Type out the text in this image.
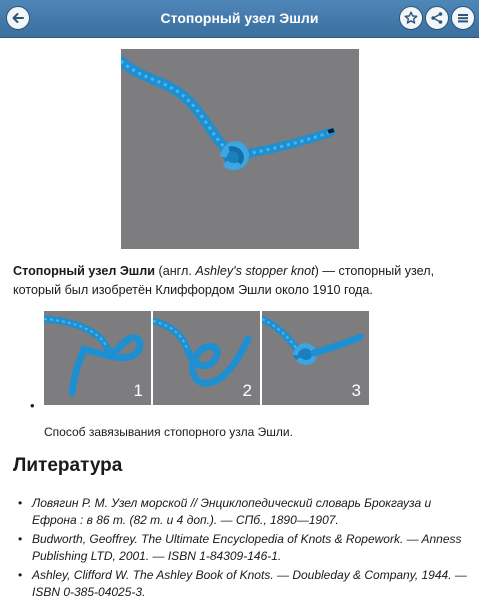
Стопорный узел Эшли
Стопорный узел Эшли (англ. Ashley's stopper knot) — стопорный узел, который был изобретён Клиффордом Эшли около 1910 года.
1	2	3
•
Способ завязывания стопорного узла Эшли.
Литература
• Ловягин Р. М. Узел морской // Энциклопедический словарь Брокгауза и Ефрона : в 86 т. (82 т. и 4 доп.). — СПб., 1890—1907.
• Budworth, Geoffrey. The Ultimate Encyclopedia of Knots & Ropework. — Anness Publishing LTD, 2001. — ISBN 1-84309-146-1.
• Ashley, Clifford W. The Ashley Book of Knots. — Doubleday & Company, 1944. — ISBN 0-385-04025-3.
